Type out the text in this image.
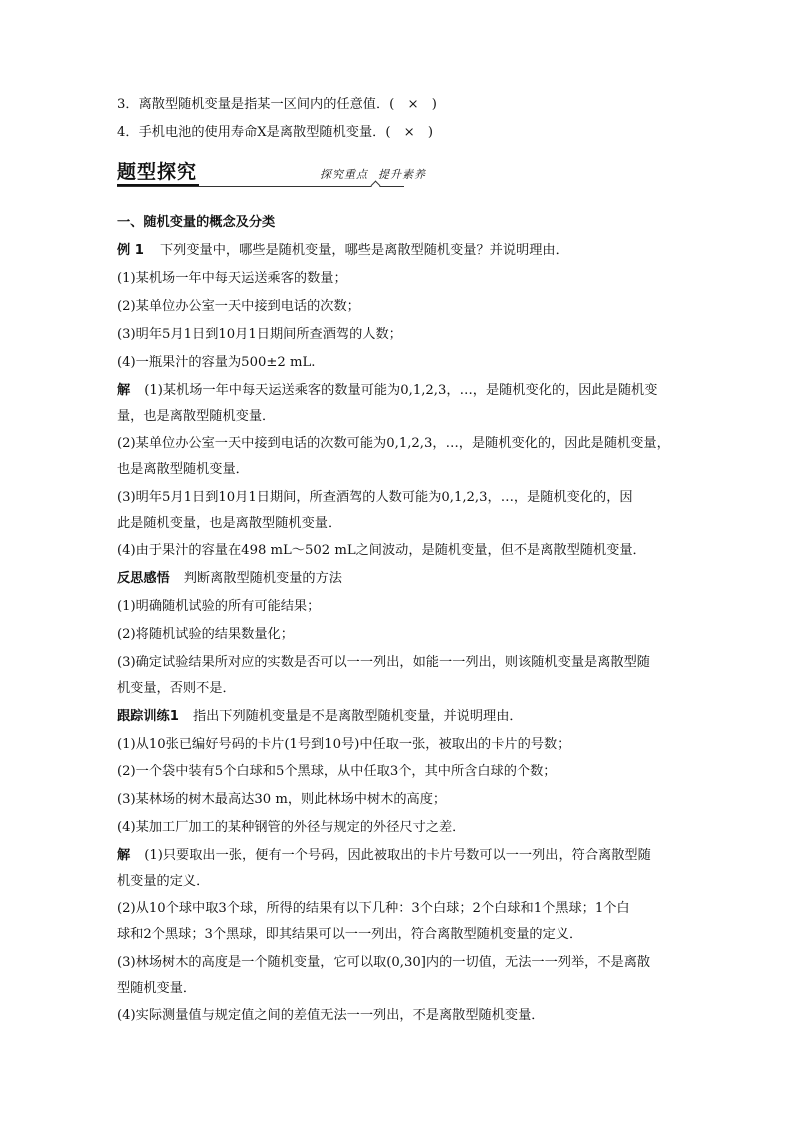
3．离散型随机变量是指某一区间内的任意值．(　×　)
4．手机电池的使用寿命X是离散型随机变量．(　×　)
题型探究	探究重点 提升素养
一、随机变量的概念及分类
例 1 下列变量中，哪些是随机变量，哪些是离散型随机变量？并说明理由．
(1)某机场一年中每天运送乘客的数量；
(2)某单位办公室一天中接到电话的次数；
(3)明年5月1日到10月1日期间所查酒驾的人数；
(4)一瓶果汁的容量为500±2 mL.
解 (1)某机场一年中每天运送乘客的数量可能为0,1,2,3，…，是随机变化的，因此是随机变
量，也是离散型随机变量．
(2)某单位办公室一天中接到电话的次数可能为0,1,2,3，…，是随机变化的，因此是随机变量，
也是离散型随机变量．
(3)明年5月1日到10月1日期间，所查酒驾的人数可能为0,1,2,3，…，是随机变化的，因
此是随机变量，也是离散型随机变量．
(4)由于果汁的容量在498 mL～502 mL之间波动，是随机变量，但不是离散型随机变量．
反思感悟 判断离散型随机变量的方法
(1)明确随机试验的所有可能结果；
(2)将随机试验的结果数量化；
(3)确定试验结果所对应的实数是否可以一一列出，如能一一列出，则该随机变量是离散型随
机变量，否则不是．
跟踪训练1 指出下列随机变量是不是离散型随机变量，并说明理由．
(1)从10张已编好号码的卡片(1号到10号)中任取一张，被取出的卡片的号数；
(2)一个袋中装有5个白球和5个黑球，从中任取3个，其中所含白球的个数；
(3)某林场的树木最高达30 m，则此林场中树木的高度；
(4)某加工厂加工的某种钢管的外径与规定的外径尺寸之差．
解 (1)只要取出一张，便有一个号码，因此被取出的卡片号数可以一一列出，符合离散型随
机变量的定义．
(2)从10个球中取3个球，所得的结果有以下几种：3个白球；2个白球和1个黑球；1个白
球和2个黑球；3个黑球，即其结果可以一一列出，符合离散型随机变量的定义．
(3)林场树木的高度是一个随机变量，它可以取(0,30]内的一切值，无法一一列举，不是离散
型随机变量．
(4)实际测量值与规定值之间的差值无法一一列出，不是离散型随机变量．
